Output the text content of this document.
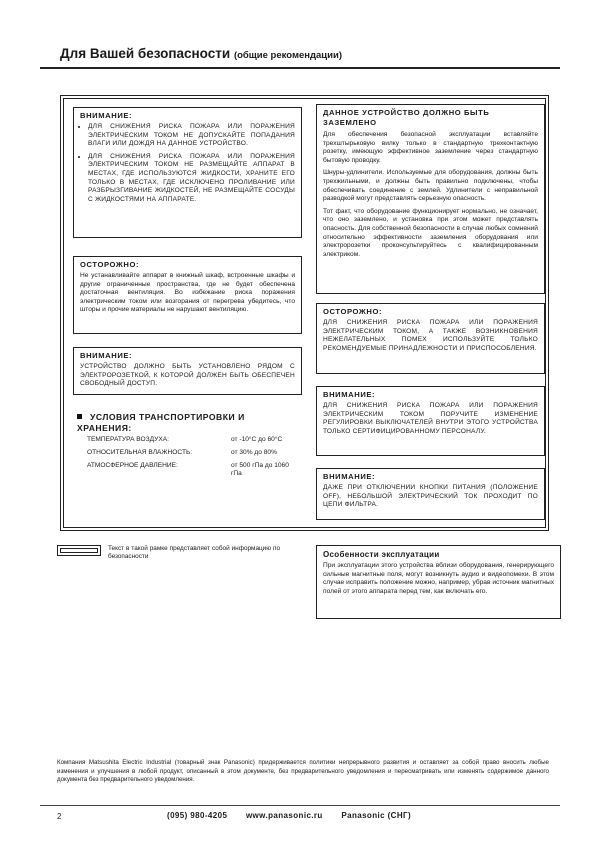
Для Вашей безопасности (общие рекомендации)
ВНИМАНИЕ:
• ДЛЯ СНИЖЕНИЯ РИСКА ПОЖАРА ИЛИ ПОРАЖЕНИЯ ЭЛЕКТРИЧЕСКИМ ТОКОМ НЕ ДОПУСКАЙТЕ ПОПАДАНИЯ ВЛАГИ ИЛИ ДОЖДЯ НА ДАННОЕ УСТРОЙСТВО.
• ДЛЯ СНИЖЕНИЯ РИСКА ПОЖАРА ИЛИ ПОРАЖЕНИЯ ЭЛЕКТРИЧЕСКИМ ТОКОМ НЕ РАЗМЕЩАЙТЕ АППАРАТ В МЕСТАХ, ГДЕ ИСПОЛЬЗУЮТСЯ ЖИДКОСТИ, ХРАНИТЕ ЕГО ТОЛЬКО В МЕСТАХ, ГДЕ ИСКЛЮЧЕНО ПРОЛИВАНИЕ ИЛИ РАЗБРЫЗГИВАНИЕ ЖИДКОСТЕЙ, НЕ РАЗМЕЩАЙТЕ СОСУДЫ С ЖИДКОСТЯМИ НА АППАРАТЕ.
ОСТОРОЖНО:

Не устанавливайте аппарат в книжный шкаф, встроенные шкафы и другие ограниченные пространства, где не будет обеспечена достаточная вентиляция. Во избежание риска поражения электрическим током или возгорания от перегрева убедитесь, что шторы и прочие материалы не нарушают вентиляцию.

ВНИМАНИЕ:

УСТРОЙСТВО ДОЛЖНО БЫТЬ УСТАНОВЛЕНО РЯДОМ С ЭЛЕКТРОРОЗЕТКОЙ, К КОТОРОЙ ДОЛЖЕН БЫТЬ ОБЕСПЕЧЕН СВОБОДНЫЙ ДОСТУП.

УСЛОВИЯ ТРАНСПОРТИРОВКИ И ХРАНЕНИЯ:
ТЕМПЕРАТУРА ВОЗДУХА:	от -10°С до 60°С
ОТНОСИТЕЛЬНАЯ ВЛАЖНОСТЬ:	от 30% до 80%
АТМОСФЕРНОЕ ДАВЛЕНИЕ:	от 500 гПа до 1060 гПа
ДАННОЕ УСТРОЙСТВО ДОЛЖНО БЫТЬ ЗАЗЕМЛЕНО

Для обеспечения безопасной эксплуатации вставляйте трехштырьковую вилку только в стандартную трехконтактную розетку, имеющую эффективное заземление через стандартную бытовую проводку.

Шнуры-удлинители. Используемые для оборудования, должны быть трехжильными, и должны быть правильно подключены, чтобы обеспечивать соединение с землей. Удлинители с неправильной разводкой могут представлять серьезную опасность.

Тот факт, что оборудование функционирует нормально, не означает, что оно заземлено, и установка при этом может представлять опасность. Для собственной безопасности в случае любых сомнений относительно эффективности заземления оборудования или электророзетки проконсультируйтесь с квалифицированным электриком.

ОСТОРОЖНО:

ДЛЯ СНИЖЕНИЯ РИСКА ПОЖАРА ИЛИ ПОРАЖЕНИЯ ЭЛЕКТРИЧЕСКИМ ТОКОМ, А ТАКЖЕ ВОЗНИКНОВЕНИЯ НЕЖЕЛАТЕЛЬНЫХ ПОМЕХ ИСПОЛЬЗУЙТЕ ТОЛЬКО РЕКОМЕНДУЕМЫЕ ПРИНАДЛЕЖНОСТИ И ПРИСПОСОБЛЕНИЯ.

ВНИМАНИЕ:

ДЛЯ СНИЖЕНИЯ РИСКА ПОЖАРА ИЛИ ПОРАЖЕНИЯ ЭЛЕКТРИЧЕСКИМ ТОКОМ ПОРУЧИТЕ ИЗМЕНЕНИЕ РЕГУЛИРОВКИ ВЫКЛЮЧАТЕЛЕЙ ВНУТРИ ЭТОГО УСТРОЙСТВА ТОЛЬКО СЕРТИФИЦИРОВАННОМУ ПЕРСОНАЛУ.

ВНИМАНИЕ:

ДАЖЕ ПРИ ОТКЛЮЧЕНИИ КНОПКИ ПИТАНИЯ (ПОЛОЖЕНИЕ OFF), НЕБОЛЬШОЙ ЭЛЕКТРИЧЕСКИЙ ТОК ПРОХОДИТ ПО ЦЕПИ ФИЛЬТРА.

Текст в такой рамке представляет собой информацию по безопасности	Особенности эксплуатации

При эксплуатации этого устройства вблизи оборудования, генерирующего сильные магнитные поля, могут возникнуть аудио и видеопомехи. В этом случае исправить положение можно, например, убрав источник магнитных полей от этого аппарата перед тем, как включать его.

Компания Matsushita Electric Industrial (товарный знак Panasonic) придерживается политики непрерывного развития и оставляет за собой право вносить любые изменения и улучшения в любой продукт, описанный в этом документе, без предварительного уведомления и пересматривать или изменять содержимое данного документа без предварительного уведомления.
2	(095) 980-4205 www.panasonic.ru Panasonic (СНГ)
